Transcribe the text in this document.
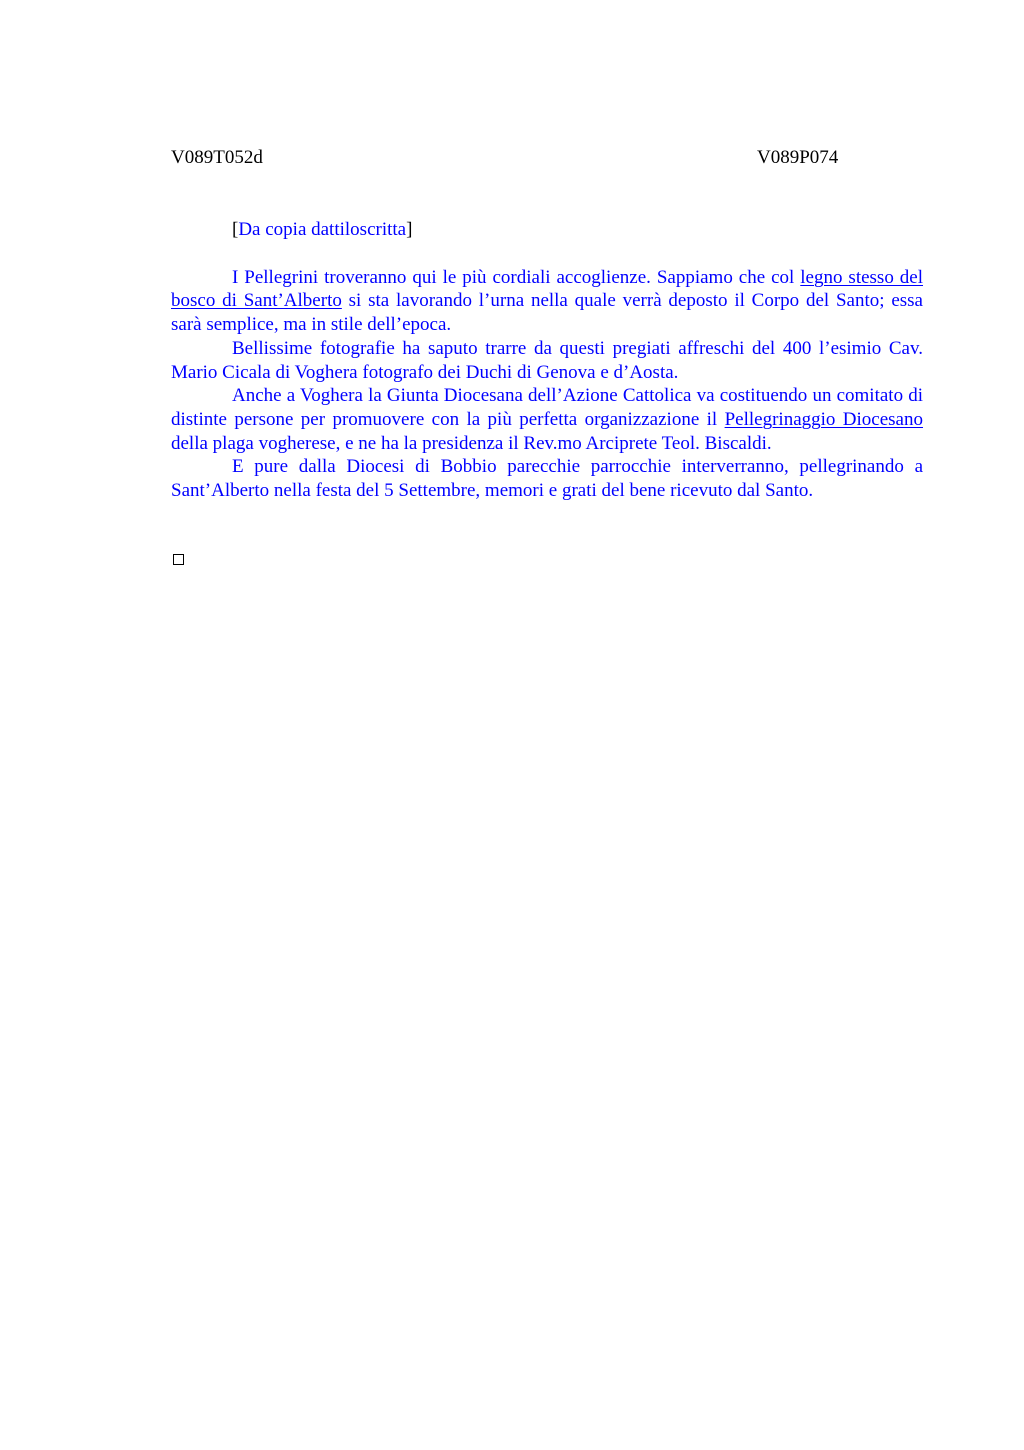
V089T052d	V089P074

[Da copia dattiloscritta]

I Pellegrini troveranno qui le più cordiali accoglienze. Sappiamo che col legno stesso del bosco di Sant’Alberto si sta lavorando l’urna nella quale verrà deposto il Corpo del Santo; essa sarà semplice, ma in stile dell’epoca.

Bellissime fotografie ha saputo trarre da questi pregiati affreschi del 400 l’esimio Cav. Mario Cicala di Voghera fotografo dei Duchi di Genova e d’Aosta.

Anche a Voghera la Giunta Diocesana dell’Azione Cattolica va costituendo un comitato di distinte persone per promuovere con la più perfetta organizzazione il Pellegrinaggio Diocesano della plaga vogherese, e ne ha la presidenza il Rev.mo Arciprete Teol. Biscaldi.

E pure dalla Diocesi di Bobbio parecchie parrocchie interverranno, pellegrinando a Sant’Alberto nella festa del 5 Settembre, memori e grati del bene ricevuto dal Santo.
